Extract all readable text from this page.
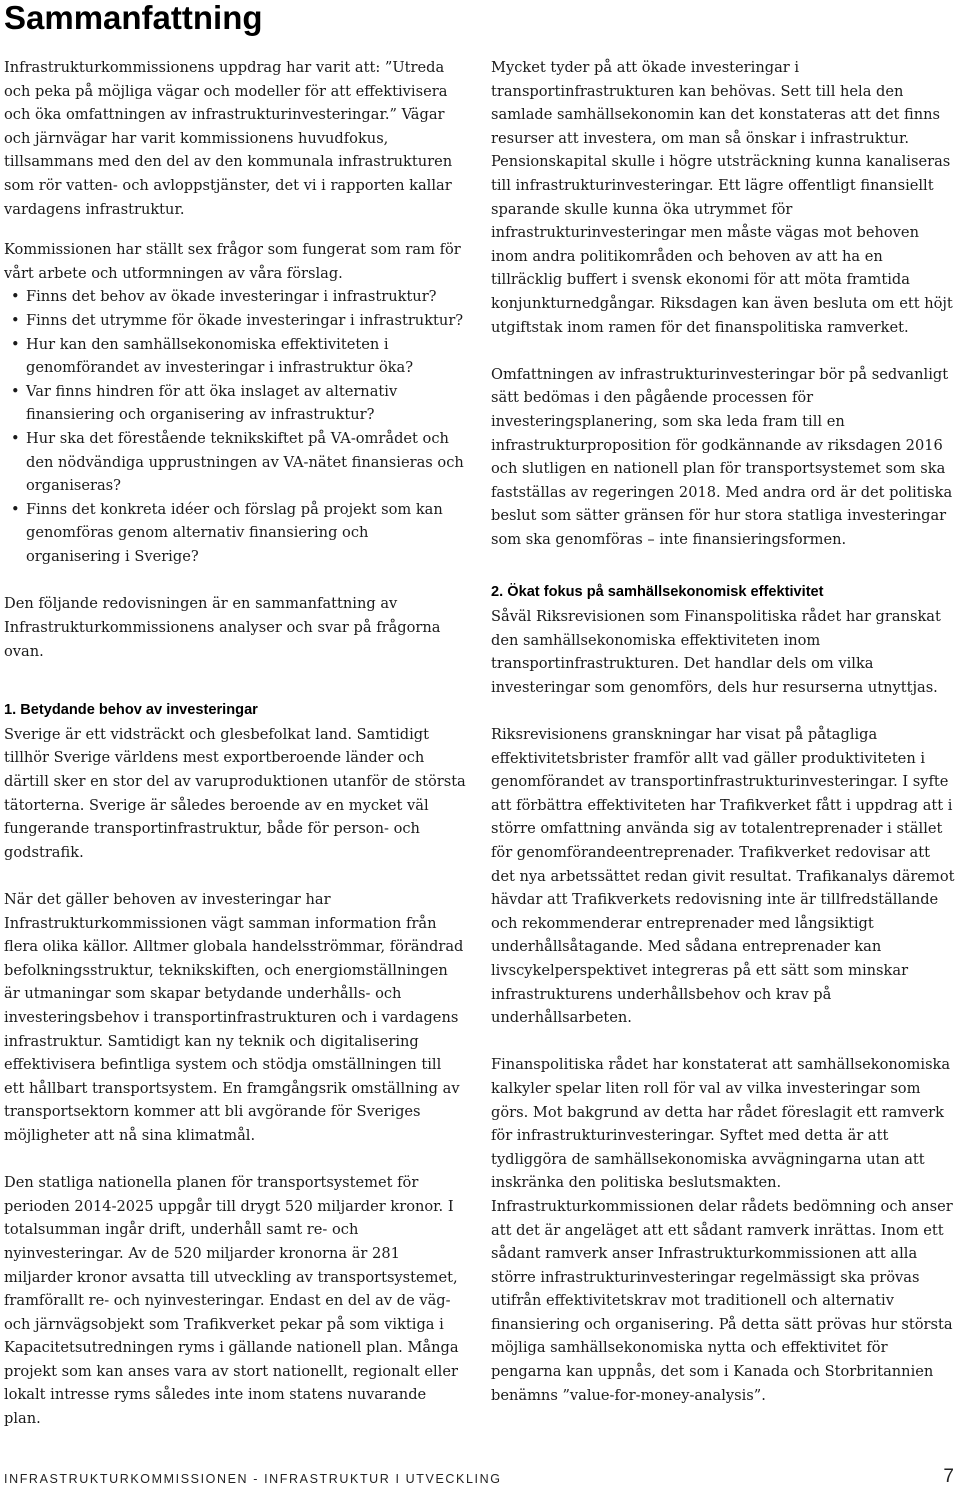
Sammanfattning

Infrastrukturkommissionens uppdrag har varit att: ”Utreda och peka på möjliga vägar och modeller för att effektivisera och öka omfattningen av infrastrukturinvesteringar.” Vägar och järnvägar har varit kommissionens huvudfokus, tillsammans med den del av den kommunala infrastrukturen som rör vatten- och avloppstjänster, det vi i rapporten kallar vardagens infrastruktur.

Kommissionen har ställt sex frågor som fungerat som ram för vårt arbete och utformningen av våra förslag.

• Finns det behov av ökade investeringar i infrastruktur?
• Finns det utrymme för ökade investeringar i infrastruktur?
• Hur kan den samhällsekonomiska effektiviteten i genomförandet av investeringar i infrastruktur öka?
• Var finns hindren för att öka inslaget av alternativ finansiering och organisering av infrastruktur?
• Hur ska det förestående teknikskiftet på VA-området och den nödvändiga upprustningen av VA-nätet finansieras och organiseras?
• Finns det konkreta idéer och förslag på projekt som kan genomföras genom alternativ finansiering och organisering i Sverige?

Den följande redovisningen är en sammanfattning av Infrastrukturkommissionens analyser och svar på frågorna ovan.

1. Betydande behov av investeringar

Sverige är ett vidsträckt och glesbefolkat land. Samtidigt tillhör Sverige världens mest exportberoende länder och därtill sker en stor del av varuproduktionen utanför de största tätorterna. Sverige är således beroende av en mycket väl fungerande transportinfrastruktur, både för person- och godstrafik.

När det gäller behoven av investeringar har Infrastrukturkommissionen vägt samman information från flera olika källor. Alltmer globala handelsströmmar, förändrad befolkningsstruktur, teknikskiften, och energiomställningen är utmaningar som skapar betydande underhålls- och investeringsbehov i transportinfrastrukturen och i vardagens infrastruktur. Samtidigt kan ny teknik och digitalisering effektivisera befintliga system och stödja omställningen till ett hållbart transportsystem. En framgångsrik omställning av transportsektorn kommer att bli avgörande för Sveriges möjligheter att nå sina klimatmål.

Den statliga nationella planen för transportsystemet för perioden 2014-2025 uppgår till drygt 520 miljarder kronor. I totalsumman ingår drift, underhåll samt re- och nyinvesteringar. Av de 520 miljarder kronorna är 281 miljarder kronor avsatta till utveckling av transportsystemet, framförallt re- och nyinvesteringar. Endast en del av de väg- och järnvägsobjekt som Trafikverket pekar på som viktiga i Kapacitetsutredningen ryms i gällande nationell plan. Många projekt som kan anses vara av stort nationellt, regionalt eller lokalt intresse ryms således inte inom statens nuvarande plan.

Mycket tyder på att ökade investeringar i transportinfrastrukturen kan behövas. Sett till hela den samlade samhällsekonomin kan det konstateras att det finns resurser att investera, om man så önskar i infrastruktur. Pensionskapital skulle i högre utsträckning kunna kanaliseras till infrastrukturinvesteringar. Ett lägre offentligt finansiellt sparande skulle kunna öka utrymmet för infrastrukturinvesteringar men måste vägas mot behoven inom andra politikområden och behoven av att ha en tillräcklig buffert i svensk ekonomi för att möta framtida konjunkturnedgångar. Riksdagen kan även besluta om ett höjt utgiftstak inom ramen för det finanspolitiska ramverket.

Omfattningen av infrastrukturinvesteringar bör på sedvanligt sätt bedömas i den pågående processen för investeringsplanering, som ska leda fram till en infrastrukturproposition för godkännande av riksdagen 2016 och slutligen en nationell plan för transportsystemet som ska fastställas av regeringen 2018. Med andra ord är det politiska beslut som sätter gränsen för hur stora statliga investeringar som ska genomföras – inte finansieringsformen.

2. Ökat fokus på samhällsekonomisk effektivitet

Såväl Riksrevisionen som Finanspolitiska rådet har granskat den samhällsekonomiska effektiviteten inom transportinfrastrukturen. Det handlar dels om vilka investeringar som genomförs, dels hur resurserna utnyttjas.

Riksrevisionens granskningar har visat på påtagliga effektivitetsbrister framför allt vad gäller produktiviteten i genomförandet av transportinfrastrukturinvesteringar. I syfte att förbättra effektiviteten har Trafikverket fått i uppdrag att i större omfattning använda sig av totalentreprenader i stället för genomförandeentreprenader. Trafikverket redovisar att det nya arbetssättet redan givit resultat. Trafikanalys däremot hävdar att Trafikverkets redovisning inte är tillfredställande och rekommenderar entreprenader med långsiktigt underhållsåtagande. Med sådana entreprenader kan livscykelperspektivet integreras på ett sätt som minskar infrastrukturens underhållsbehov och krav på underhållsarbeten.

Finanspolitiska rådet har konstaterat att samhällsekonomiska kalkyler spelar liten roll för val av vilka investeringar som görs. Mot bakgrund av detta har rådet föreslagit ett ramverk för infrastrukturinvesteringar. Syftet med detta är att tydliggöra de samhällsekonomiska avvägningarna utan att inskränka den politiska beslutsmakten. Infrastrukturkommissionen delar rådets bedömning och anser att det är angeläget att ett sådant ramverk inrättas. Inom ett sådant ramverk anser Infrastrukturkommissionen att alla större infrastrukturinvesteringar regelmässigt ska prövas utifrån effektivitetskrav mot traditionell och alternativ finansiering och organisering. På detta sätt prövas hur största möjliga samhällsekonomiska nytta och effektivitet för pengarna kan uppnås, det som i Kanada och Storbritannien benämns ”value-for-money-analysis”.

INFRASTRUKTURKOMMISSIONEN - INFRASTRUKTUR I UTVECKLING	7
